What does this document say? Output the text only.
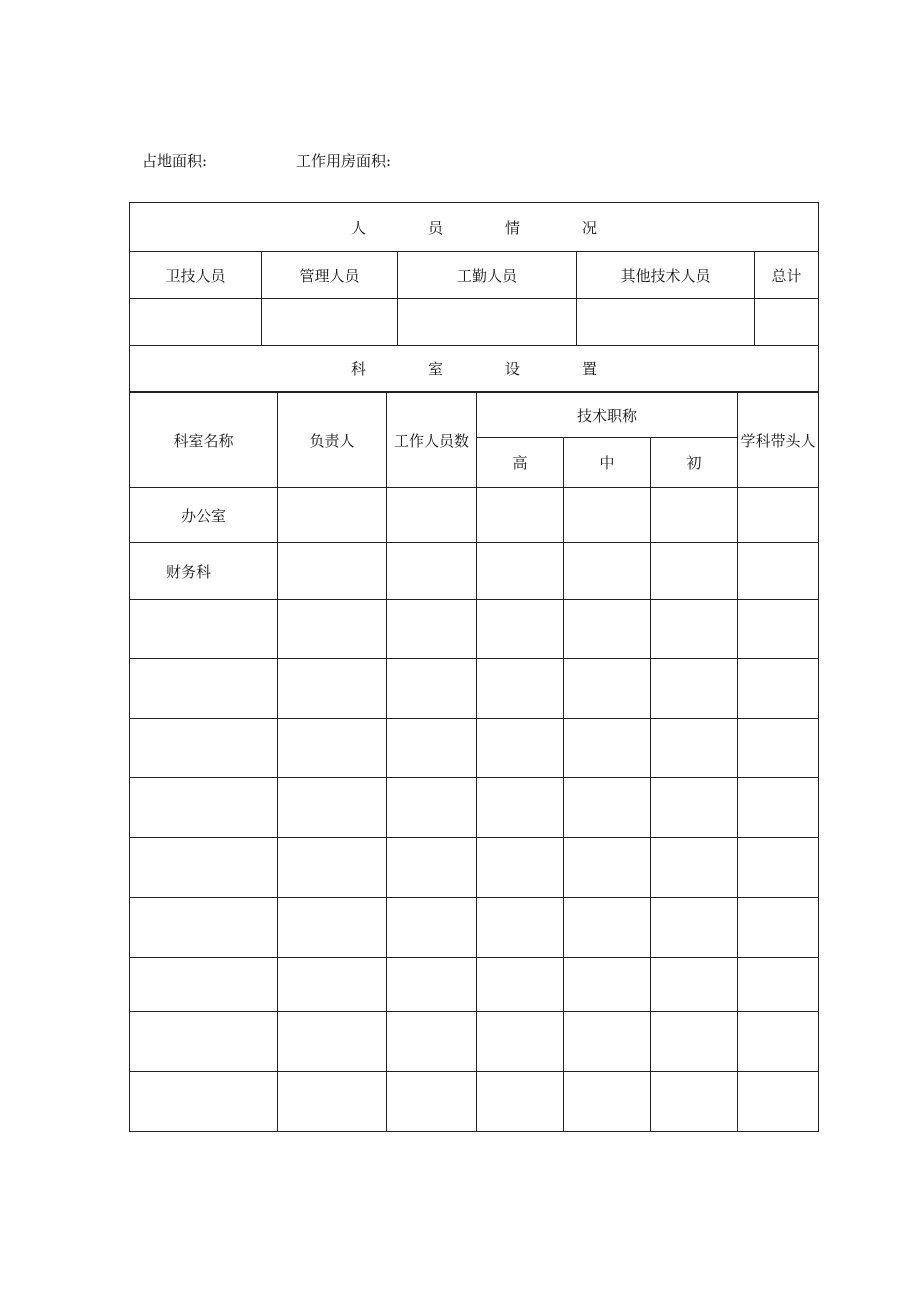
占地面积:	工作用房面积:
人 员 情 况				
卫技人员	管理人员	工勤人员	其他技术人员	总计

科 室 设 置				
科室名称	负责人	工作人员数	技术职称			学科带头人
			高	中	初	
办公室						
财务科						
